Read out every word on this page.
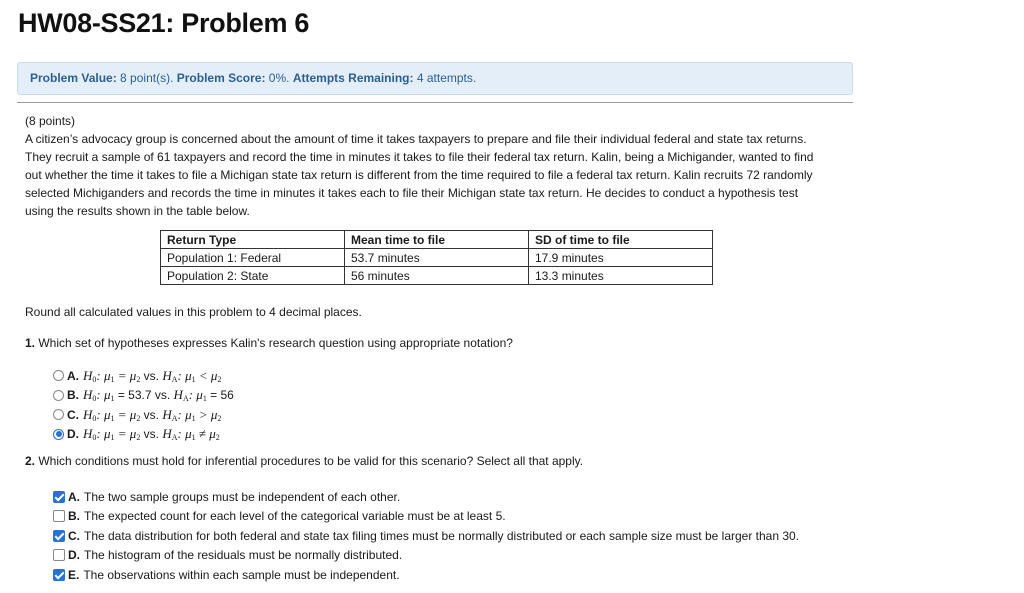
HW08-SS21: Problem 6
Problem Value: 8 point(s). Problem Score: 0%. Attempts Remaining: 4 attempts.

(8 points)

A citizen’s advocacy group is concerned about the amount of time it takes taxpayers to prepare and file their individual federal and state tax returns.

They recruit a sample of 61 taxpayers and record the time in minutes it takes to file their federal tax return. Kalin, being a Michigander, wanted to find

out whether the time it takes to file a Michigan state tax return is different from the time required to file a federal tax return. Kalin recruits 72 randomly

selected Michiganders and records the time in minutes it takes each to file their Michigan state tax return. He decides to conduct a hypothesis test

using the results shown in the table below.

Return Type	Mean time to file	SD of time to file
Population 1: Federal	53.7 minutes	17.9 minutes
Population 2: State	56 minutes	13.3 minutes
Round all calculated values in this problem to 4 decimal places.
1. Which set of hypotheses expresses Kalin's research question using appropriate notation?
A. $H_0$: $\mu_1 = \mu_2$ vs. $H_A$: $\mu_1 < \mu_2$
B. $H_0$: $\mu_1 = 53.7$ vs. $H_A$: $\mu_1 = 56$
C. $H_0$: $\mu_1 = \mu_2$ vs. $H_A$: $\mu_1 > \mu_2$
D. $H_0$: $\mu_1 = \mu_2$ vs. $H_A$: $\mu_1 \ne \mu_2$
2. Which conditions must hold for inferential procedures to be valid for this scenario? Select all that apply.
A. The two sample groups must be independent of each other.
B. The expected count for each level of the categorical variable must be at least 5.
C. The data distribution for both federal and state tax filing times must be normally distributed or each sample size must be larger than 30.
D. The histogram of the residuals must be normally distributed.
E. The observations within each sample must be independent.
